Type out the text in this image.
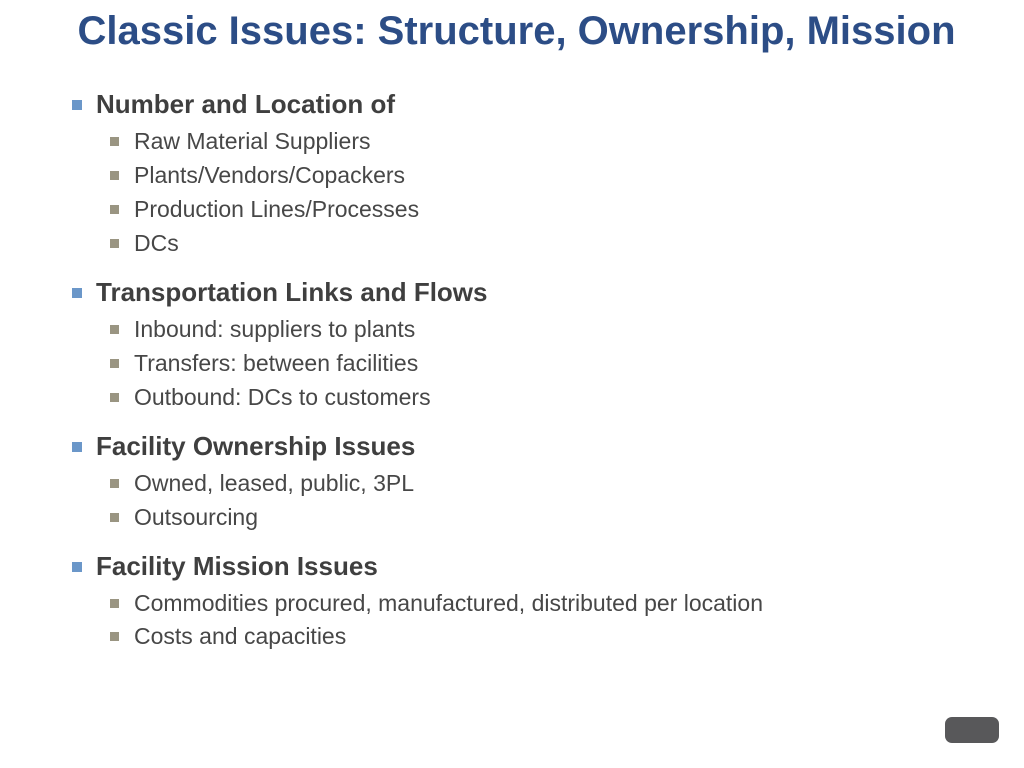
Classic Issues: Structure, Ownership, Mission
Number and Location of
Raw Material Suppliers
Plants/Vendors/Copackers
Production Lines/Processes
DCs
Transportation Links and Flows
Inbound: suppliers to plants
Transfers: between facilities
Outbound: DCs to customers
Facility Ownership Issues
Owned, leased, public, 3PL
Outsourcing
Facility Mission Issues
Commodities procured, manufactured, distributed per location
Costs and capacities
